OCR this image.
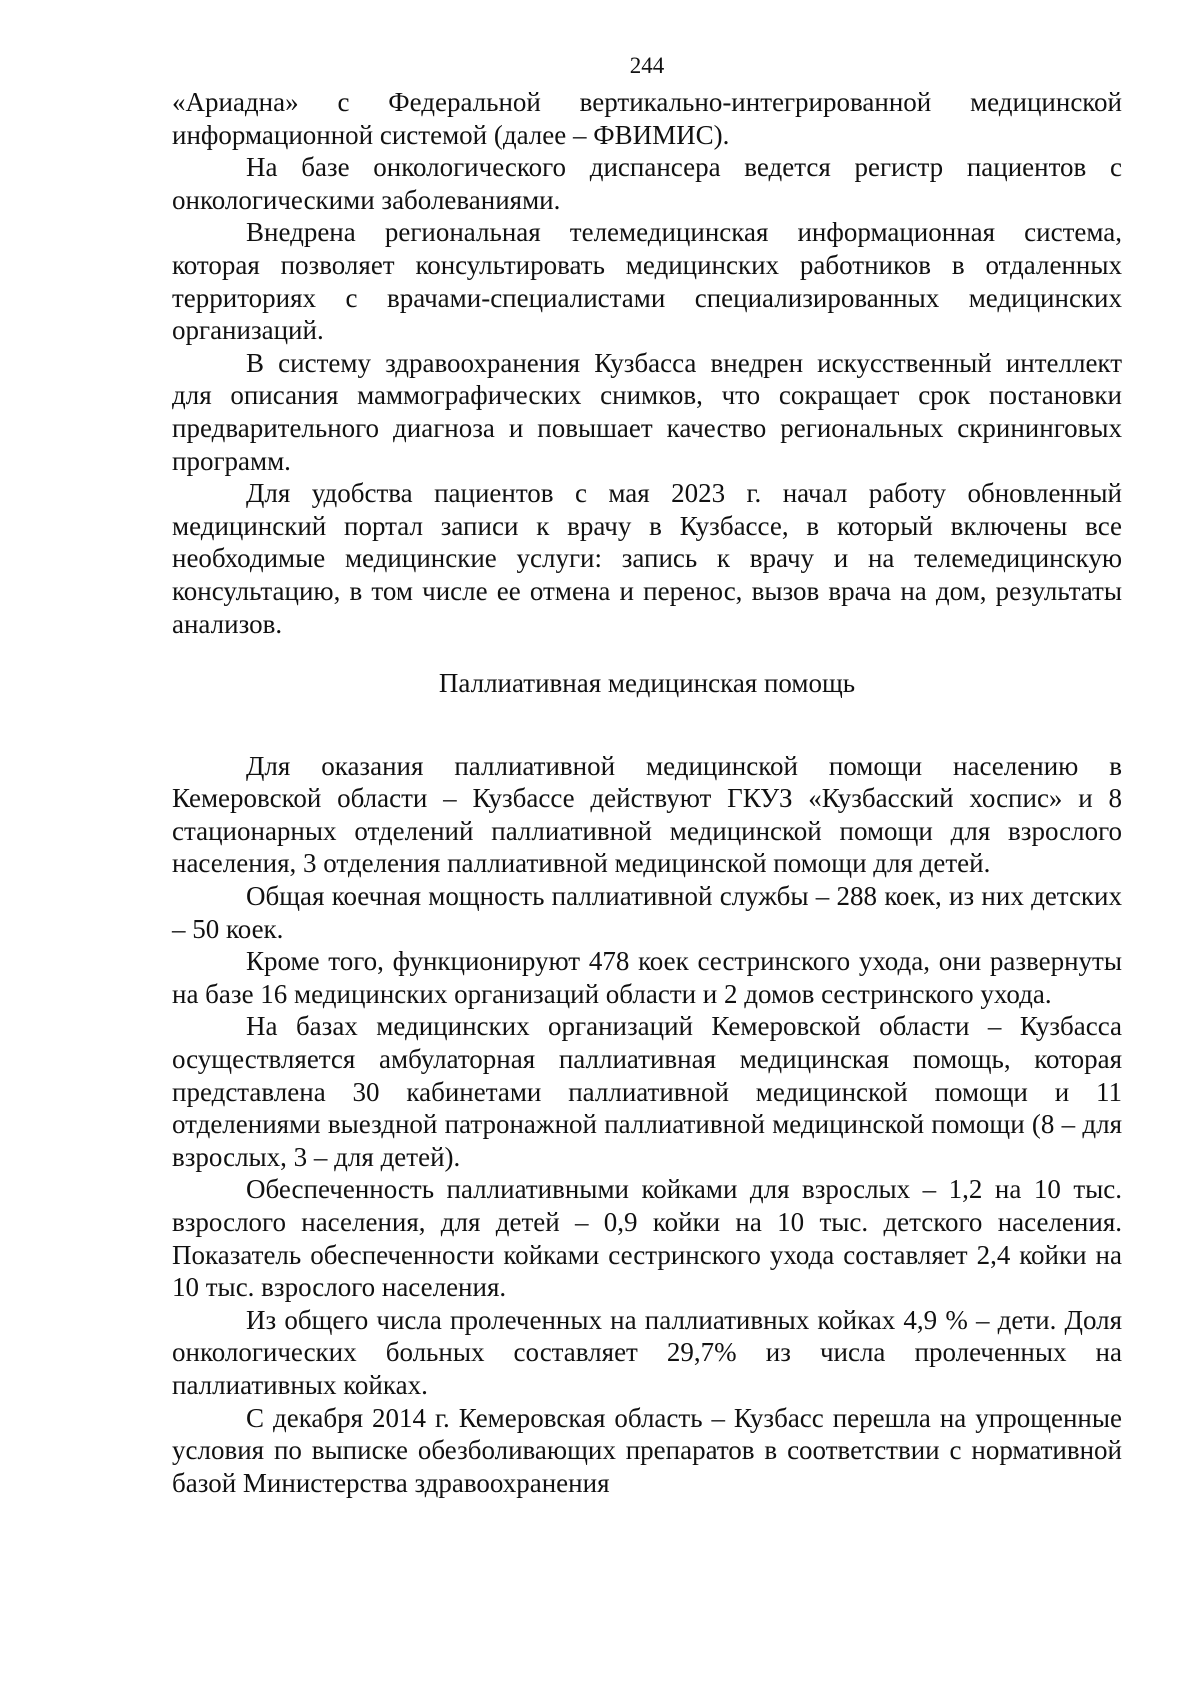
244

«Ариадна» с Федеральной вертикально-интегрированной медицинской информационной системой (далее – ФВИМИС).

На базе онкологического диспансера ведется регистр пациентов с онкологическими заболеваниями.

Внедрена региональная телемедицинская информационная система, которая позволяет консультировать медицинских работников в отдаленных территориях с врачами-специалистами специализированных медицинских организаций.

В систему здравоохранения Кузбасса внедрен искусственный интеллект для описания маммографических снимков, что сокращает срок постановки предварительного диагноза и повышает качество региональных скрининговых программ.

Для удобства пациентов с мая 2023 г. начал работу обновленный медицинский портал записи к врачу в Кузбассе, в который включены все необходимые медицинские услуги: запись к врачу и на телемедицинскую консультацию, в том числе ее отмена и перенос, вызов врача на дом, результаты анализов.

Паллиативная медицинская помощь

Для оказания паллиативной медицинской помощи населению в Кемеровской области – Кузбассе действуют ГКУЗ «Кузбасский хоспис» и 8 стационарных отделений паллиативной медицинской помощи для взрослого населения, 3 отделения паллиативной медицинской помощи для детей.

Общая коечная мощность паллиативной службы – 288 коек, из них детских – 50 коек.

Кроме того, функционируют 478 коек сестринского ухода, они развернуты на базе 16 медицинских организаций области и 2 домов сестринского ухода.

На базах медицинских организаций Кемеровской области – Кузбасса осуществляется амбулаторная паллиативная медицинская помощь, которая представлена 30 кабинетами паллиативной медицинской помощи и 11 отделениями выездной патронажной паллиативной медицинской помощи (8 – для взрослых, 3 – для детей).

Обеспеченность паллиативными койками для взрослых – 1,2 на 10 тыс. взрослого населения, для детей – 0,9 койки на 10 тыс. детского населения. Показатель обеспеченности койками сестринского ухода составляет 2,4 койки на 10 тыс. взрослого населения.

Из общего числа пролеченных на паллиативных койках 4,9 % – дети. Доля онкологических больных составляет 29,7% из числа пролеченных на паллиативных койках.

С декабря 2014 г. Кемеровская область – Кузбасс перешла на упрощенные условия по выписке обезболивающих препаратов в соответствии с нормативной базой Министерства здравоохранения
